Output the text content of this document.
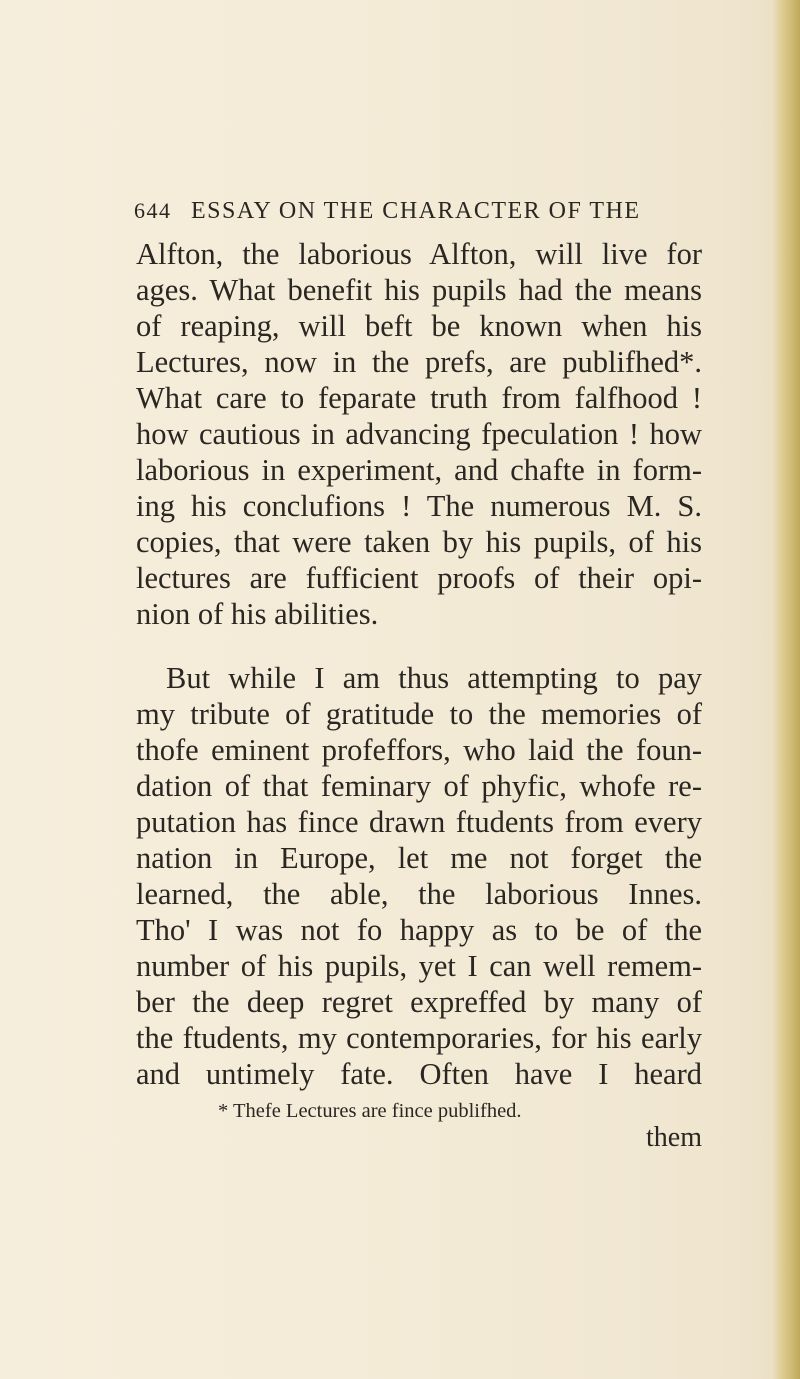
644 ESSAY ON THE CHARACTER OF THE
Alfton, the laborious Alfton, will live for
ages. What benefit his pupils had the means
of reaping, will beft be known when his
Lectures, now in the prefs, are publifhed*.
What care to feparate truth from falfhood !
how cautious in advancing fpeculation ! how
laborious in experiment, and chafte in form-
ing his conclufions ! The numerous M. S.
copies, that were taken by his pupils, of his
lectures are fufficient proofs of their opi-
nion of his abilities.
But while I am thus attempting to pay
my tribute of gratitude to the memories of
thofe eminent profeffors, who laid the foun-
dation of that feminary of phyfic, whofe re-
putation has fince drawn ftudents from every
nation in Europe, let me not forget the
learned, the able, the laborious Innes.
Tho' I was not fo happy as to be of the
number of his pupils, yet I can well remem-
ber the deep regret expreffed by many of
the ftudents, my contemporaries, for his early
and untimely fate. Often have I heard
* Thefe Lectures are fince publifhed.
them
